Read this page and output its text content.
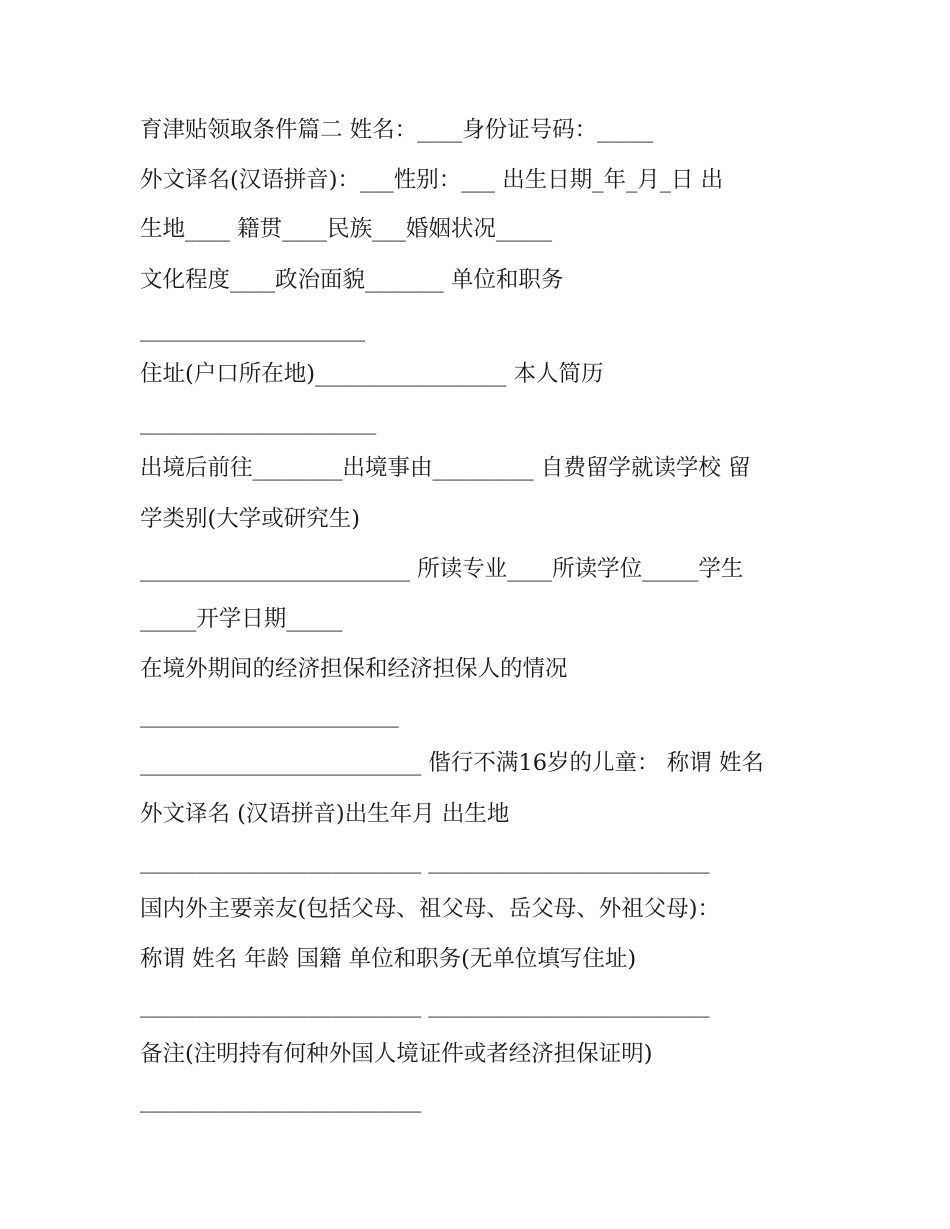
育津贴领取条件篇二 姓名：____身份证号码：_____
外文译名(汉语拼音)：___性别：___ 出生日期_年_月_日 出
生地____ 籍贯____民族___婚姻状况_____
文化程度____政治面貌_______ 单位和职务
____________________
住址(户口所在地)_________________ 本人简历
_____________________
出境后前往________出境事由_________ 自费留学就读学校 留
学类别(大学或研究生)
________________________ 所读专业____所读学位_____学生
_____开学日期_____
在境外期间的经济担保和经济担保人的情况
_______________________
_________________________ 偕行不满16岁的儿童： 称谓 姓名
外文译名 (汉语拼音)出生年月 出生地
_________________________ _________________________
国内外主要亲友(包括父母、祖父母、岳父母、外祖父母)：
称谓 姓名 年龄 国籍 单位和职务(无单位填写住址)
_________________________ _________________________
备注(注明持有何种外国人境证件或者经济担保证明)
_________________________
